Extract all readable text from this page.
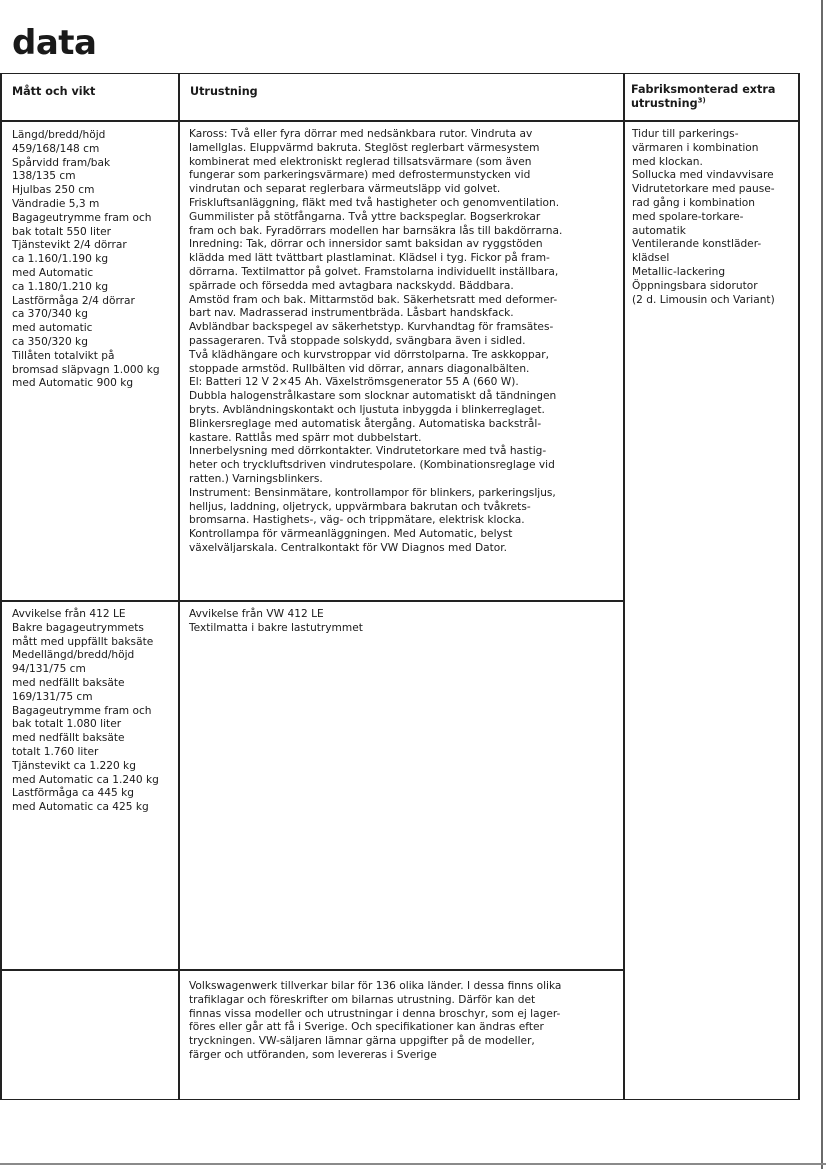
data
Mått och vikt	Utrustning	Fabriksmonterad extra utrustning$^{3)}$
Längd/bredd/höjd
459/168/148 cm
Spårvidd fram/bak
138/135 cm
Hjulbas 250 cm
Vändradie 5,3 m
Bagageutrymme fram och
bak totalt 550 liter
Tjänstevikt 2/4 dörrar
ca 1.160/1.190 kg
med Automatic
ca 1.180/1.210 kg
Lastförmåga 2/4 dörrar
ca 370/340 kg
med automatic
ca 350/320 kg
Tillåten totalvikt på
bromsad släpvagn 1.000 kg
med Automatic 900 kg
Kaross: Två eller fyra dörrar med nedsänkbara rutor. Vindruta av
lamellglas. Eluppvärmd bakruta. Steglöst reglerbart värmesystem
kombinerat med elektroniskt reglerad tillsatsvärmare (som även
fungerar som parkeringsvärmare) med defrostermunstycken vid
vindrutan och separat reglerbara värmeutsläpp vid golvet.
Friskluftsanläggning, fläkt med två hastigheter och genomventilation.
Gummilister på stötfångarna. Två yttre backspeglar. Bogserkrokar
fram och bak. Fyradörrars modellen har barnsäkra lås till bakdörrarna.
Inredning: Tak, dörrar och innersidor samt baksidan av ryggstöden
klädda med lätt tvättbart plastlaminat. Klädsel i tyg. Fickor på fram-
dörrarna. Textilmattor på golvet. Framstolarna individuellt inställbara,
spärrade och försedda med avtagbara nackskydd. Bäddbara.
Amstöd fram och bak. Mittarmstöd bak. Säkerhetsratt med deformer-
bart nav. Madrasserad instrumentbräda. Låsbart handskfack.
Avbländbar backspegel av säkerhetstyp. Kurvhandtag för framsätes-
passageraren. Två stoppade solskydd, svängbara även i sidled.
Två klädhängare och kurvstroppar vid dörrstolparna. Tre askkoppar,
stoppade armstöd. Rullbälten vid dörrar, annars diagonalbälten.
El: Batteri 12 V 2×45 Ah. Växelströmsgenerator 55 A (660 W).
Dubbla halogenstrålkastare som slocknar automatiskt då tändningen
bryts. Avbländningskontakt och ljustuta inbyggda i blinkerreglaget.
Blinkersreglage med automatisk återgång. Automatiska backstrål-
kastare. Rattlås med spärr mot dubbelstart.
Innerbelysning med dörrkontakter. Vindrutetorkare med två hastig-
heter och tryckluftsdriven vindrutespolare. (Kombinationsreglage vid
ratten.) Varningsblinkers.
Instrument: Bensinmätare, kontrollampor för blinkers, parkeringsljus,
helljus, laddning, oljetryck, uppvärmbara bakrutan och tvåkrets-
bromsarna. Hastighets-, väg- och trippmätare, elektrisk klocka.
Kontrollampa för värmeanläggningen. Med Automatic, belyst
växelväljarskala. Centralkontakt för VW Diagnos med Dator.
Tidur till parkerings-
värmaren i kombination
med klockan.
Sollucka med vindavvisare
Vidrutetorkare med pause-
rad gång i kombination
med spolare-torkare-
automatik
Ventilerande konstläder-
klädsel
Metallic-lackering
Öppningsbara sidorutor
(2 d. Limousin och Variant)
Avvikelse från 412 LE
Bakre bagageutrymmets
mått med uppfällt baksäte
Medellängd/bredd/höjd
94/131/75 cm
med nedfällt baksäte
169/131/75 cm
Bagageutrymme fram och
bak totalt 1.080 liter
med nedfällt baksäte
totalt 1.760 liter
Tjänstevikt ca 1.220 kg
med Automatic ca 1.240 kg
Lastförmåga ca 445 kg
med Automatic ca 425 kg
Avvikelse från VW 412 LE
Textilmatta i bakre lastutrymmet
Volkswagenwerk tillverkar bilar för 136 olika länder. I dessa finns olika
trafiklagar och föreskrifter om bilarnas utrustning. Därför kan det
finnas vissa modeller och utrustningar i denna broschyr, som ej lager-
föres eller går att få i Sverige. Och specifikationer kan ändras efter
tryckningen. VW-säljaren lämnar gärna uppgifter på de modeller,
färger och utföranden, som levereras i Sverige
